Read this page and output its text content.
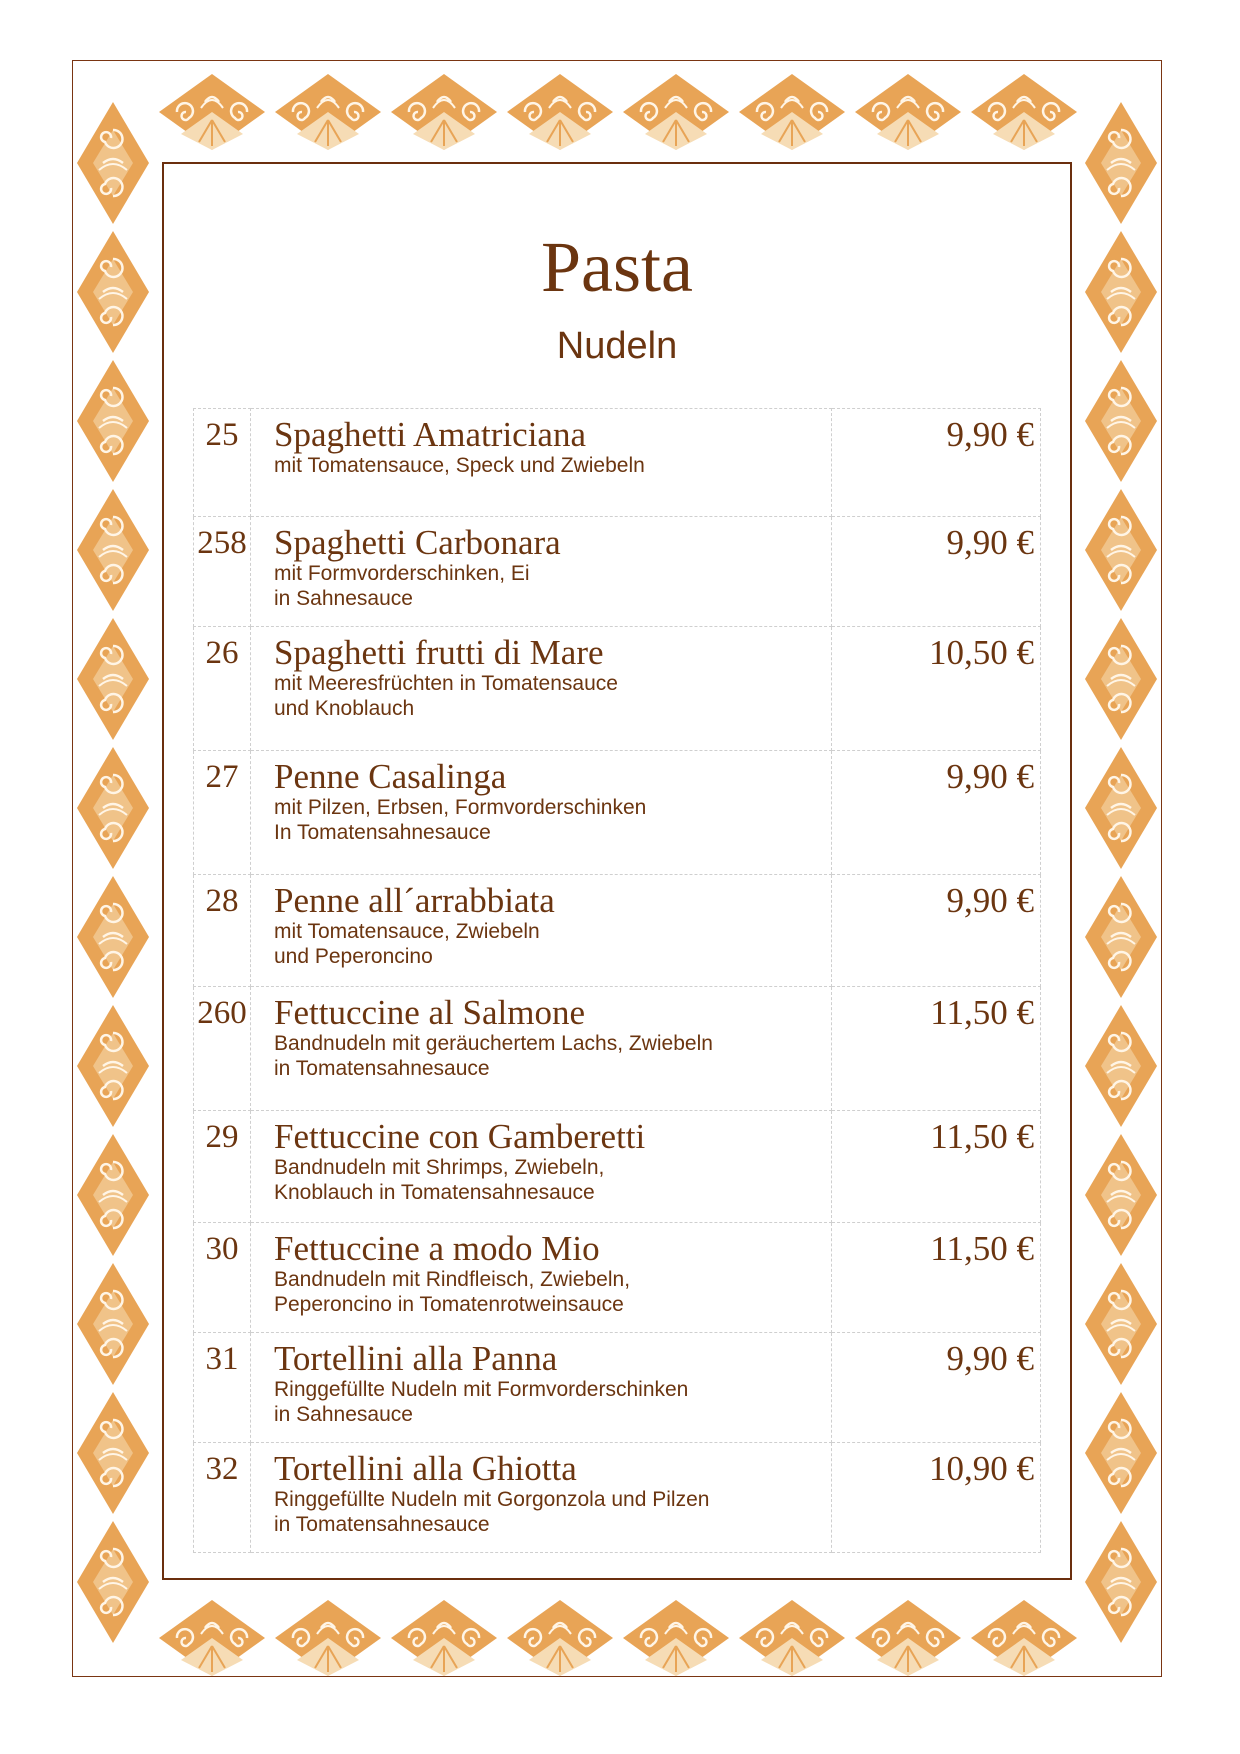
Pasta
Nudeln
25	Spaghetti Amatriciana
mit Tomatensauce, Speck und Zwiebeln	9,90 €
258	Spaghetti Carbonara
mit Formvorderschinken, Ei
in Sahnesauce	9,90 €
26	Spaghetti frutti di Mare
mit Meeresfrüchten in Tomatensauce
und Knoblauch	10,50 €
27	Penne Casalinga
mit Pilzen, Erbsen, Formvorderschinken
In Tomatensahnesauce	9,90 €
28	Penne all´arrabbiata
mit Tomatensauce, Zwiebeln
und Peperoncino	9,90 €
260	Fettuccine al Salmone
Bandnudeln mit geräuchertem Lachs, Zwiebeln
in Tomatensahnesauce	11,50 €
29	Fettuccine con Gamberetti
Bandnudeln mit Shrimps, Zwiebeln,
Knoblauch in Tomatensahnesauce	11,50 €
30	Fettuccine a modo Mio
Bandnudeln mit Rindfleisch, Zwiebeln,
Peperoncino in Tomatenrotweinsauce	11,50 €
31	Tortellini alla Panna
Ringgefüllte Nudeln mit Formvorderschinken
in Sahnesauce	9,90 €
32	Tortellini alla Ghiotta
Ringgefüllte Nudeln mit Gorgonzola und Pilzen
in Tomatensahnesauce	10,90 €
